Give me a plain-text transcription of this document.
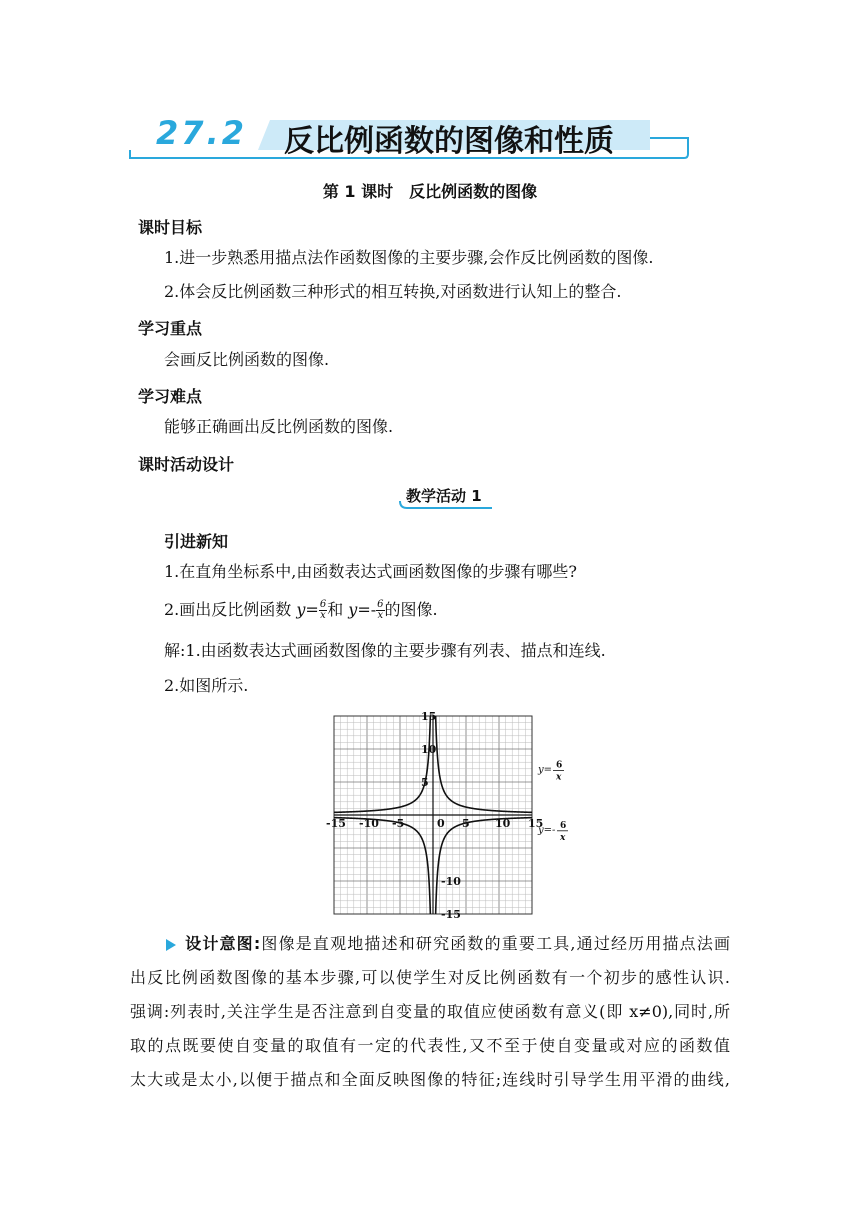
27.2 反比例函数的图像和性质
第 1 课时　反比例函数的图像
课时目标
1.进一步熟悉用描点法作函数图像的主要步骤,会作反比例函数的图像.
2.体会反比例函数三种形式的相互转换,对函数进行认知上的整合.
学习重点
会画反比例函数的图像.
学习难点
能够正确画出反比例函数的图像.
课时活动设计
教学活动 1
引进新知
1.在直角坐标系中,由函数表达式画函数图像的步骤有哪些?
2.画出反比例函数 $y= \frac{6}{x}$ 和 $y=- \frac{6}{x}$ 的图像.
解:1.由函数表达式画函数图像的主要步骤有列表、描点和连线.
2.如图所示.
-15 -10 -5	0 5 10 15
15
10
5
-10
-15
y= 6
x
y=- 6
x
设计意图:图像是直观地描述和研究函数的重要工具,通过经历用描点法画
出反比例函数图像的基本步骤,可以使学生对反比例函数有一个初步的感性认识.
强调:列表时,关注学生是否注意到自变量的取值应使函数有意义(即 x≠0),同时,所
取的点既要使自变量的取值有一定的代表性,又不至于使自变量或对应的函数值
太大或是太小,以便于描点和全面反映图像的特征;连线时引导学生用平滑的曲线,
